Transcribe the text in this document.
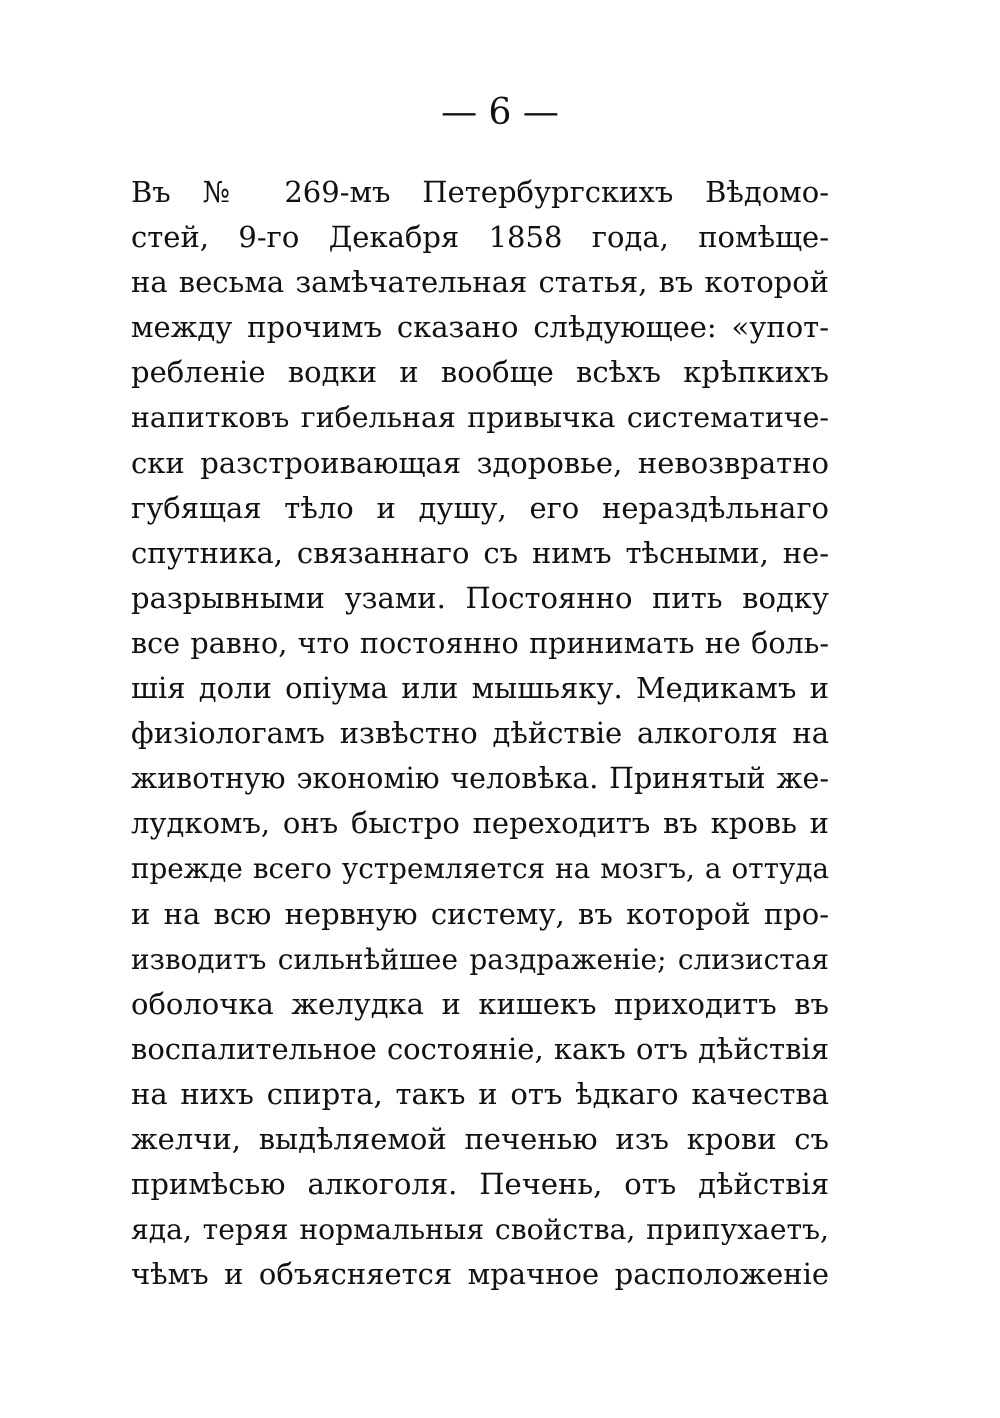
— 6 —
Въ № 269-мъ Петербургскихъ Вѣдомо-
стей, 9-го Декабря 1858 года, помѣще-
на весьма замѣчательная статья, въ которой
между прочимъ сказано слѣдующее: «упот-
ребленіе водки и вообще всѣхъ крѣпкихъ
напитковъ гибельная привычка систематиче-
ски разстроивающая здоровье, невозвратно
губящая тѣло и душу, его нераздѣльнаго
спутника, связаннаго съ нимъ тѣсными, не-
разрывными узами. Постоянно пить водку
все равно, что постоянно принимать не боль-
шія доли опіума или мышьяку. Медикамъ и
физіологамъ извѣстно дѣйствіе алкоголя на
животную экономію человѣка. Принятый же-
лудкомъ, онъ быстро переходитъ въ кровь и
прежде всего устремляется на мозгъ, а оттуда
и на всю нервную систему, въ которой про-
изводитъ сильнѣйшее раздраженіе; слизистая
оболочка желудка и кишекъ приходитъ въ
воспалительное состояніе, какъ отъ дѣйствія
на нихъ спирта, такъ и отъ ѣдкаго качества
желчи, выдѣляемой печенью изъ крови съ
примѣсью алкоголя. Печень, отъ дѣйствія
яда, теряя нормальныя свойства, припухаетъ,
чѣмъ и объясняется мрачное расположеніе
